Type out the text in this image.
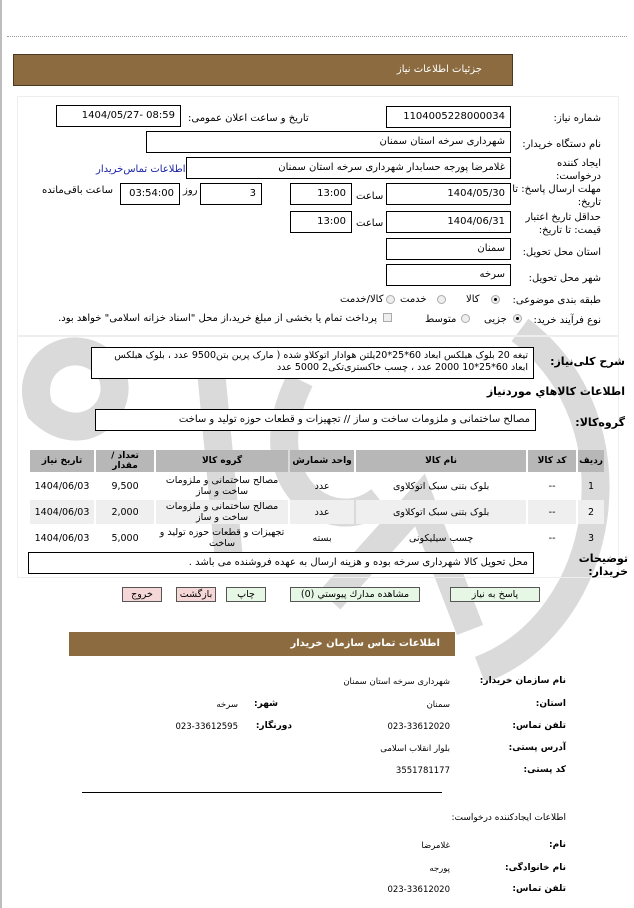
جزئیات اطلاعات نیاز
شماره نیاز:
1104005228000034
تاریخ و ساعت اعلان عمومی:
1404/05/27- 08:59
نام دستگاه خریدار:
شهرداری سرخه استان سمنان
ایجاد کننده درخواست:
غلامرضا پورجه حسابدار شهرداری سرخه استان سمنان
اطلاعات تماس‌خریدار
مهلت ارسال پاسخ: تا تاریخ:
1404/05/30
ساعت
13:00
3
روز
03:54:00
ساعت باقی‌مانده
حداقل تاریخ اعتبار قیمت: تا تاریخ:
1404/06/31
ساعت
13:00
استان محل تحویل:
سمنان
شهر محل تحویل:
سرخه
طبقه بندی موضوعی:
کالا
خدمت
کالا/خدمت
نوع فرآیند خرید:
جزیی
متوسط
پرداخت تمام یا بخشی از مبلغ خرید،از محل "اسناد خزانه اسلامی" خواهد بود.
شرح کلی‌نیاز:
تیغه 20 بلوک هبلکس ابعاد 60*25*20یلتن هوادار اتوکلاو شده ( مارک پرین بتن9500 عدد ، بلوک هبلکس ابعاد 60*25*10 2000 عدد ، چسب خاکستری‌تکی2 5000 عدد
اطلاعات کالاهاي موردنياز
گروه‌کالا:
مصالح ساختمانی و ملزومات ساخت و ساز // تجهیزات و قطعات حوزه تولید و ساخت
ردیف	کد کالا	نام کالا	واحد شمارش	گروه کالا	تعداد / مقدار	تاریخ نیاز
1	--	بلوک بتنی سبک اتوکلاوی	عدد	مصالح ساختمانی و ملزومات ساخت و ساز	9,500	1404/06/03
2	--	بلوک بتنی سبک اتوکلاوی	عدد	مصالح ساختمانی و ملزومات ساخت و ساز	2,000	1404/06/03
3	--	چسب سیلیکونی	بسته	تجهیزات و قطعات حوزه تولید و ساخت	5,000	1404/06/03
توضیحات خریدار:
محل تحویل کالا شهرداری سرخه بوده و هزینه ارسال به عهده فروشنده می باشد .
پاسخ به نیاز
مشاهده مدارك پیوستي (0)
چاپ
بازگشت
خروج
اطلاعات تماس سازمان خریدار
نام سازمان خریدار:
شهرداری سرخه استان سمنان
استان:
سمنان
شهر:
سرخه
تلفن تماس:
023-33612020
دورنگار:
023-33612595
آدرس پستی:
بلوار انقلاب اسلامی
کد پستی:
3551781177
اطلاعات ایجادکننده درخواست:
نام:
غلامرضا
نام خانوادگی:
پورجه
تلفن تماس:
023-33612020
